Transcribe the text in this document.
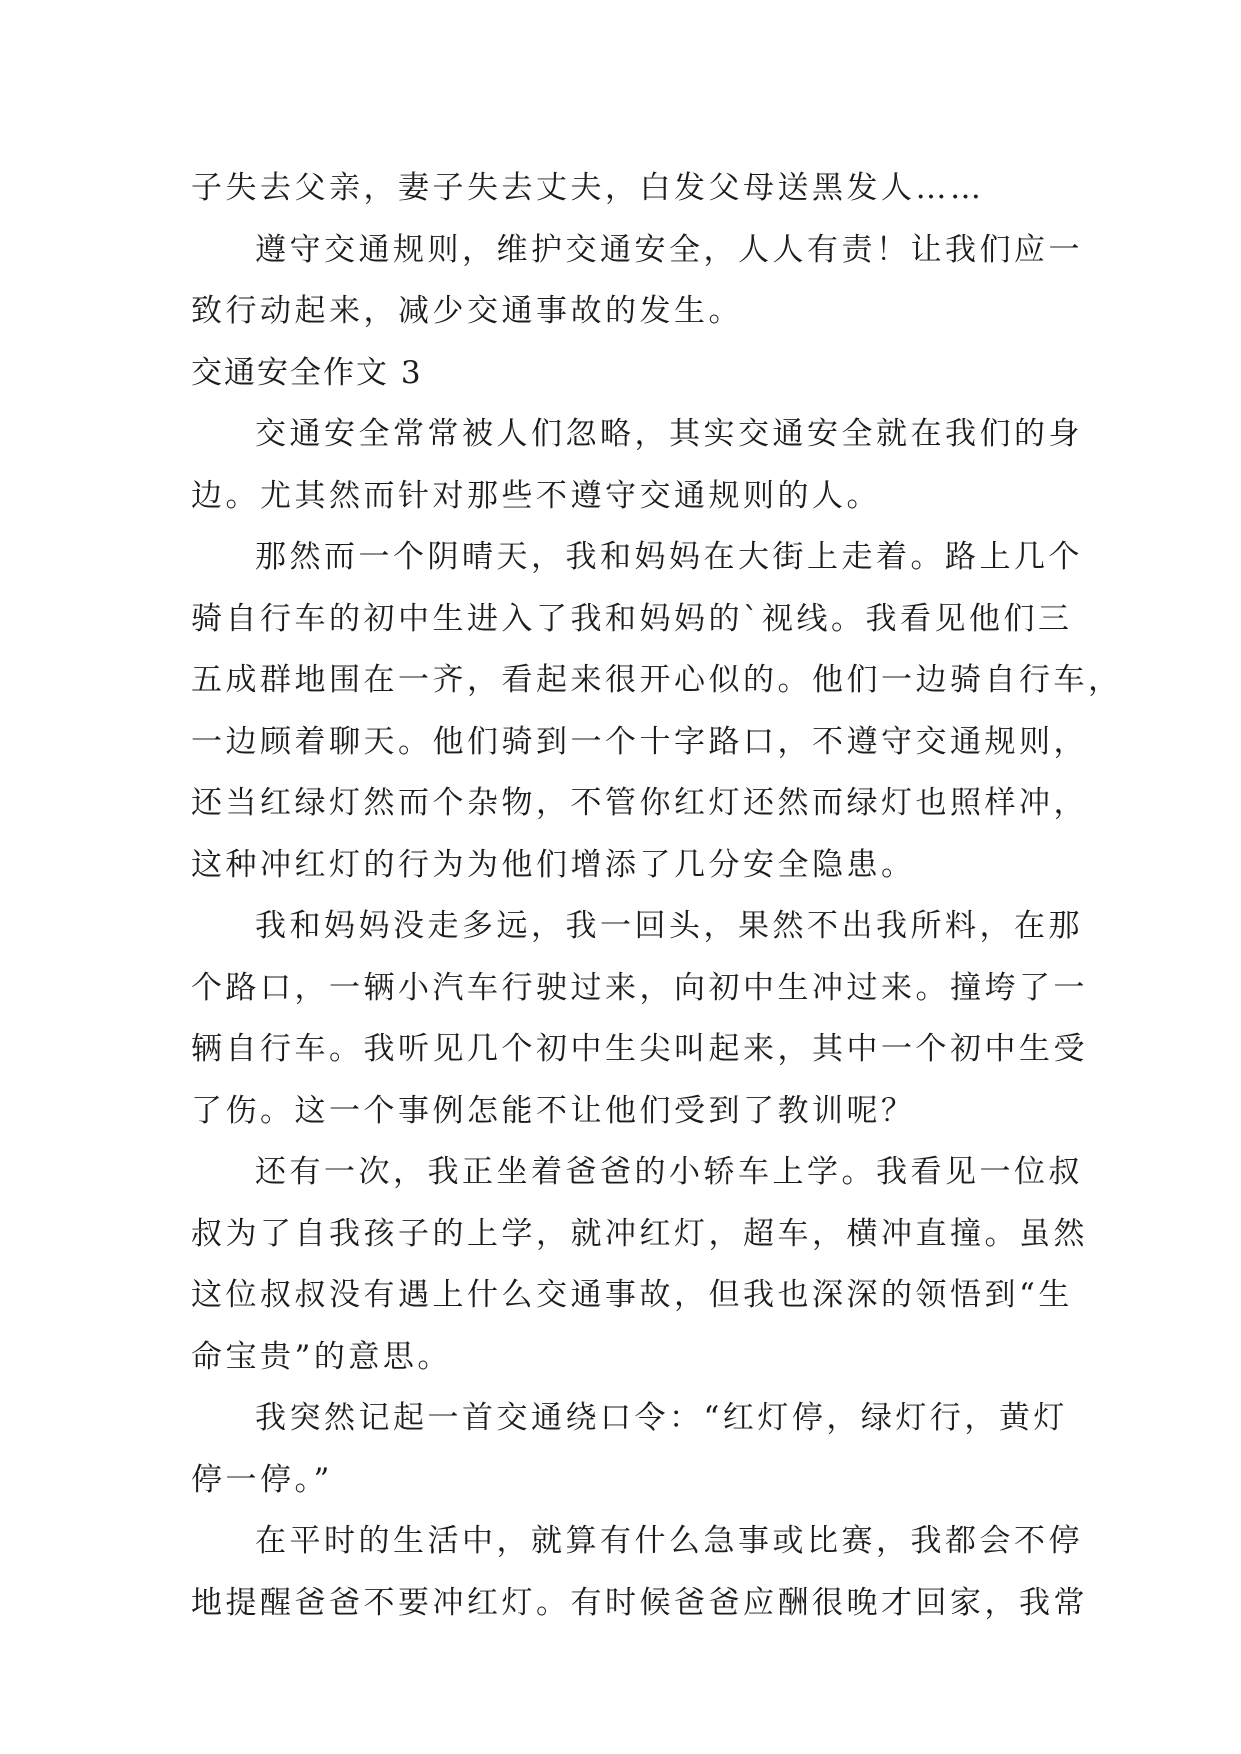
子失去父亲，妻子失去丈夫，白发父母送黑发人……
遵守交通规则，维护交通安全，人人有责！让我们应一
致行动起来，减少交通事故的发生。
交通安全作文 3
交通安全常常被人们忽略，其实交通安全就在我们的身
边。尤其然而针对那些不遵守交通规则的人。
那然而一个阴晴天，我和妈妈在大街上走着。路上几个
骑自行车的初中生进入了我和妈妈的`视线。我看见他们三
五成群地围在一齐，看起来很开心似的。他们一边骑自行车，
一边顾着聊天。他们骑到一个十字路口，不遵守交通规则，
还当红绿灯然而个杂物，不管你红灯还然而绿灯也照样冲，
这种冲红灯的行为为他们增添了几分安全隐患。
我和妈妈没走多远，我一回头，果然不出我所料，在那
个路口，一辆小汽车行驶过来，向初中生冲过来。撞垮了一
辆自行车。我听见几个初中生尖叫起来，其中一个初中生受
了伤。这一个事例怎能不让他们受到了教训呢？
还有一次，我正坐着爸爸的小轿车上学。我看见一位叔
叔为了自我孩子的上学，就冲红灯，超车，横冲直撞。虽然
这位叔叔没有遇上什么交通事故，但我也深深的领悟到“生
命宝贵”的意思。
我突然记起一首交通绕口令：“红灯停，绿灯行，黄灯
停一停。”
在平时的生活中，就算有什么急事或比赛，我都会不停
地提醒爸爸不要冲红灯。有时候爸爸应酬很晚才回家，我常
